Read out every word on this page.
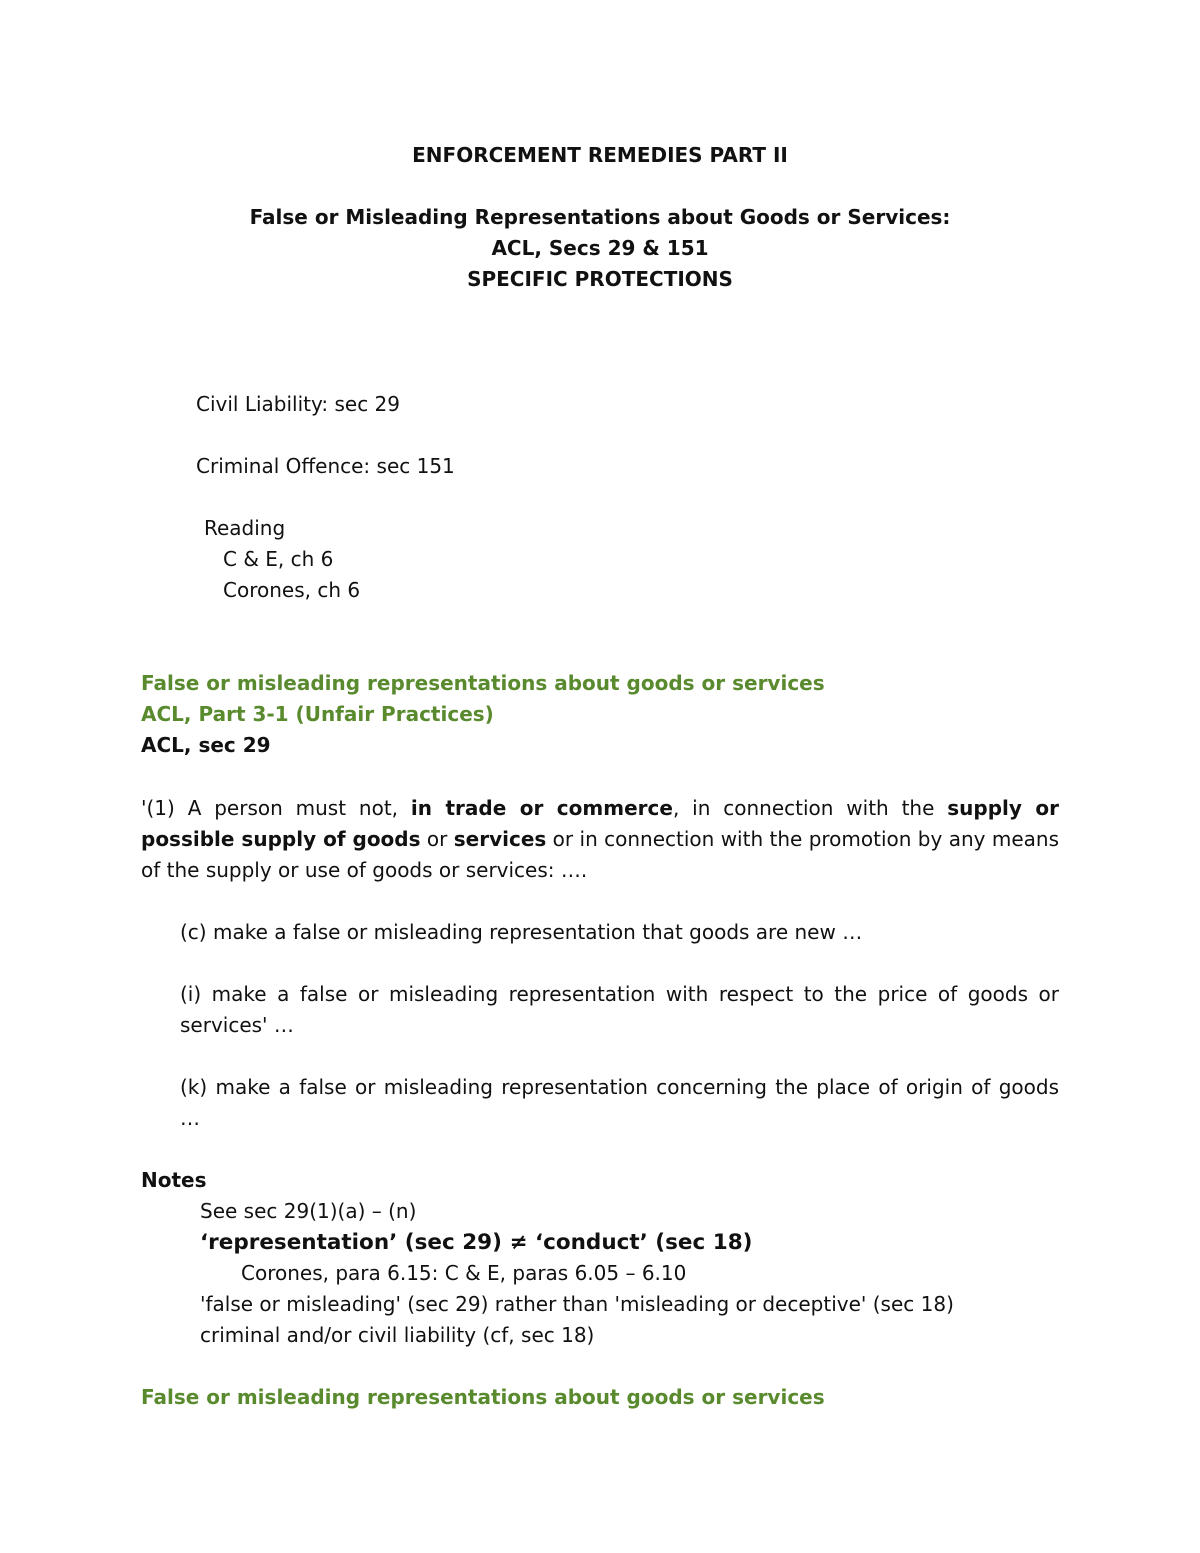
ENFORCEMENT REMEDIES PART II
False or Misleading Representations about Goods or Services:
ACL, Secs 29 & 151
SPECIFIC PROTECTIONS
Civil Liability: sec 29
Criminal Offence: sec 151
Reading
C & E, ch 6
Corones, ch 6
False or misleading representations about goods or services
ACL, Part 3-1 (Unfair Practices)
ACL, sec 29
'(1) A person must not, in trade or commerce, in connection with the supply or possible supply of goods or services or in connection with the promotion by any means of the supply or use of goods or services: ….
(c) make a false or misleading representation that goods are new …
(i) make a false or misleading representation with respect to the price of goods or services' …
(k) make a false or misleading representation concerning the place of origin of goods …
Notes
See sec 29(1)(a) – (n)
‘representation’ (sec 29) ≠ ‘conduct’ (sec 18)
Corones, para 6.15: C & E, paras 6.05 – 6.10
'false or misleading' (sec 29) rather than 'misleading or deceptive' (sec 18)
criminal and/or civil liability (cf, sec 18)
False or misleading representations about goods or services
